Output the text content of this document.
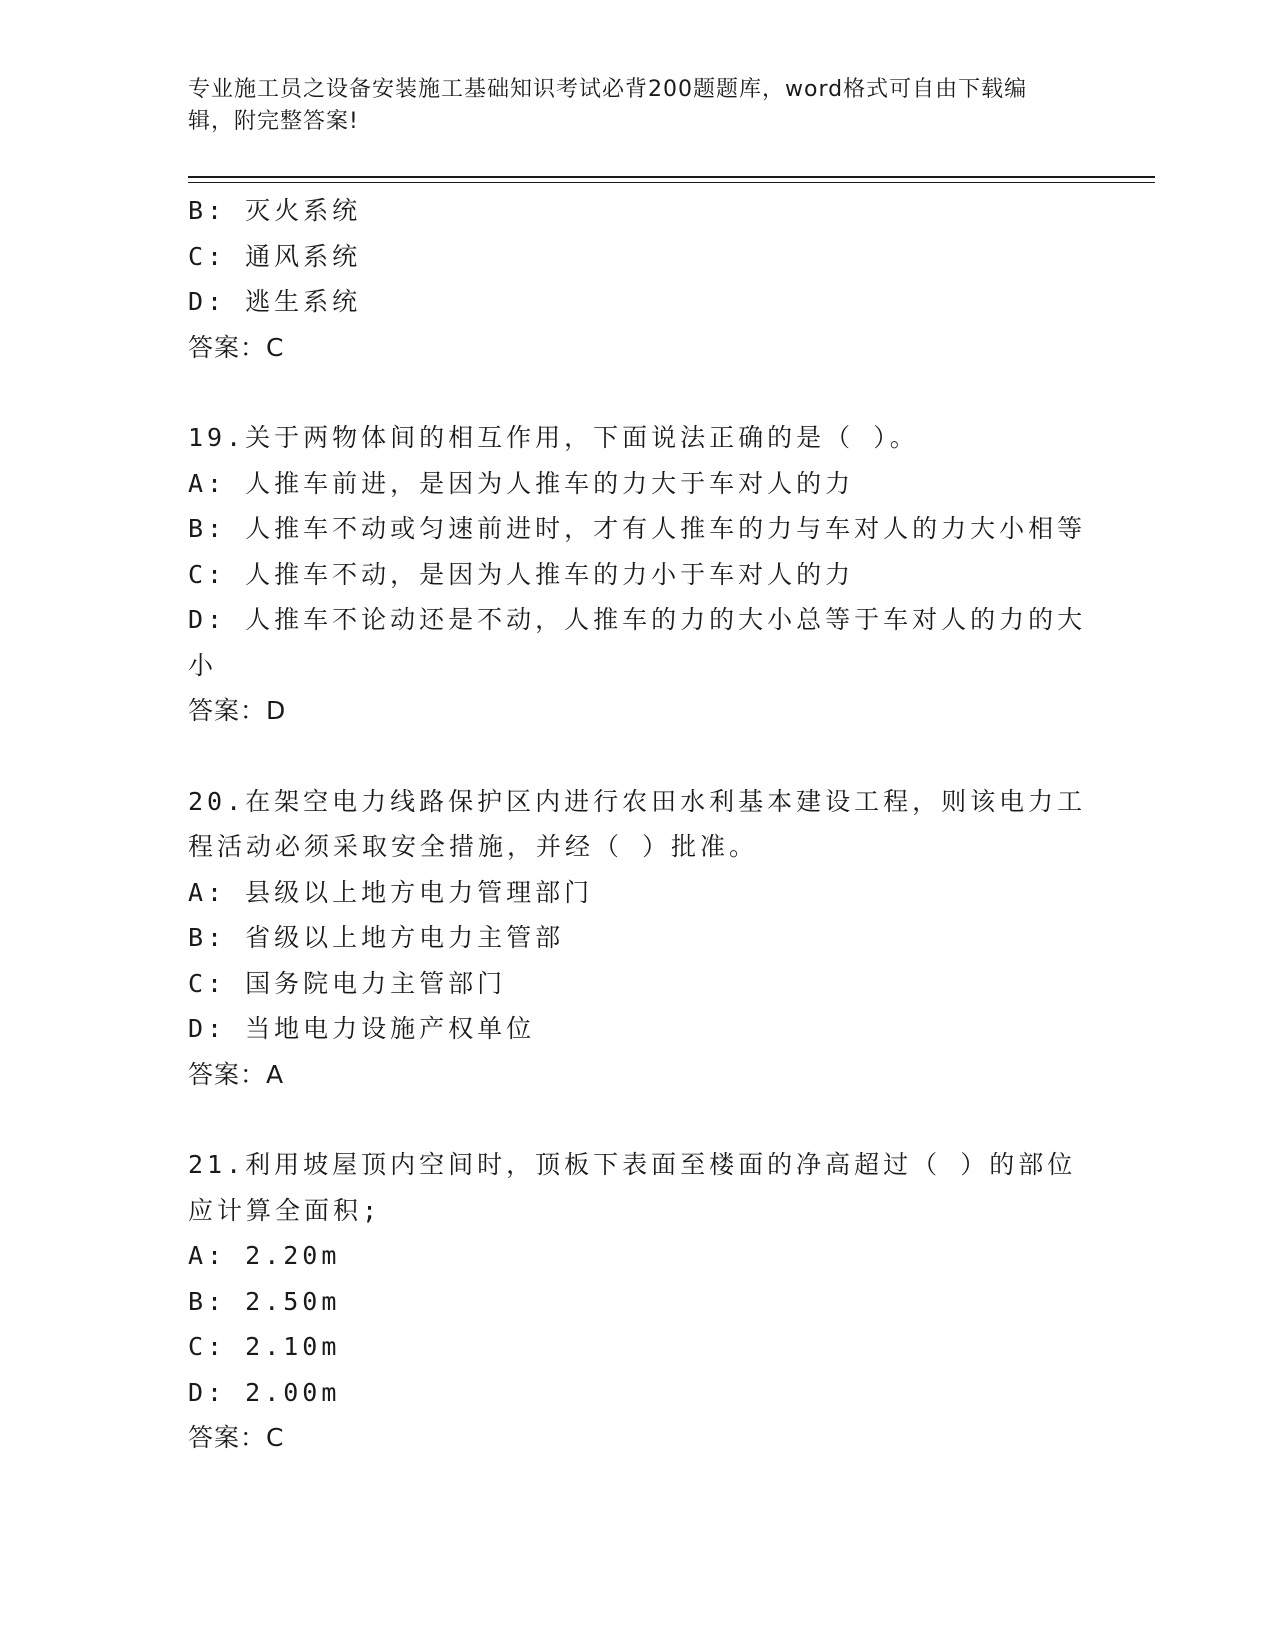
专业施工员之设备安装施工基础知识考试必背200题题库，word格式可自由下载编辑，附完整答案!

B: 灭火系统

C: 通风系统

D: 逃生系统

答案：C

19.关于两物体间的相互作用，下面说法正确的是（ ）。

A: 人推车前进，是因为人推车的力大于车对人的力

B: 人推车不动或匀速前进时，才有人推车的力与车对人的力大小相等

C: 人推车不动，是因为人推车的力小于车对人的力

D: 人推车不论动还是不动，人推车的力的大小总等于车对人的力的大小

答案：D

20.在架空电力线路保护区内进行农田水利基本建设工程，则该电力工程活动必须采取安全措施，并经（ ）批准。

A: 县级以上地方电力管理部门

B: 省级以上地方电力主管部

C: 国务院电力主管部门

D: 当地电力设施产权单位

答案：A

21.利用坡屋顶内空间时，顶板下表面至楼面的净高超过（ ）的部位应计算全面积;

A: 2.20m

B: 2.50m

C: 2.10m

D: 2.00m

答案：C
